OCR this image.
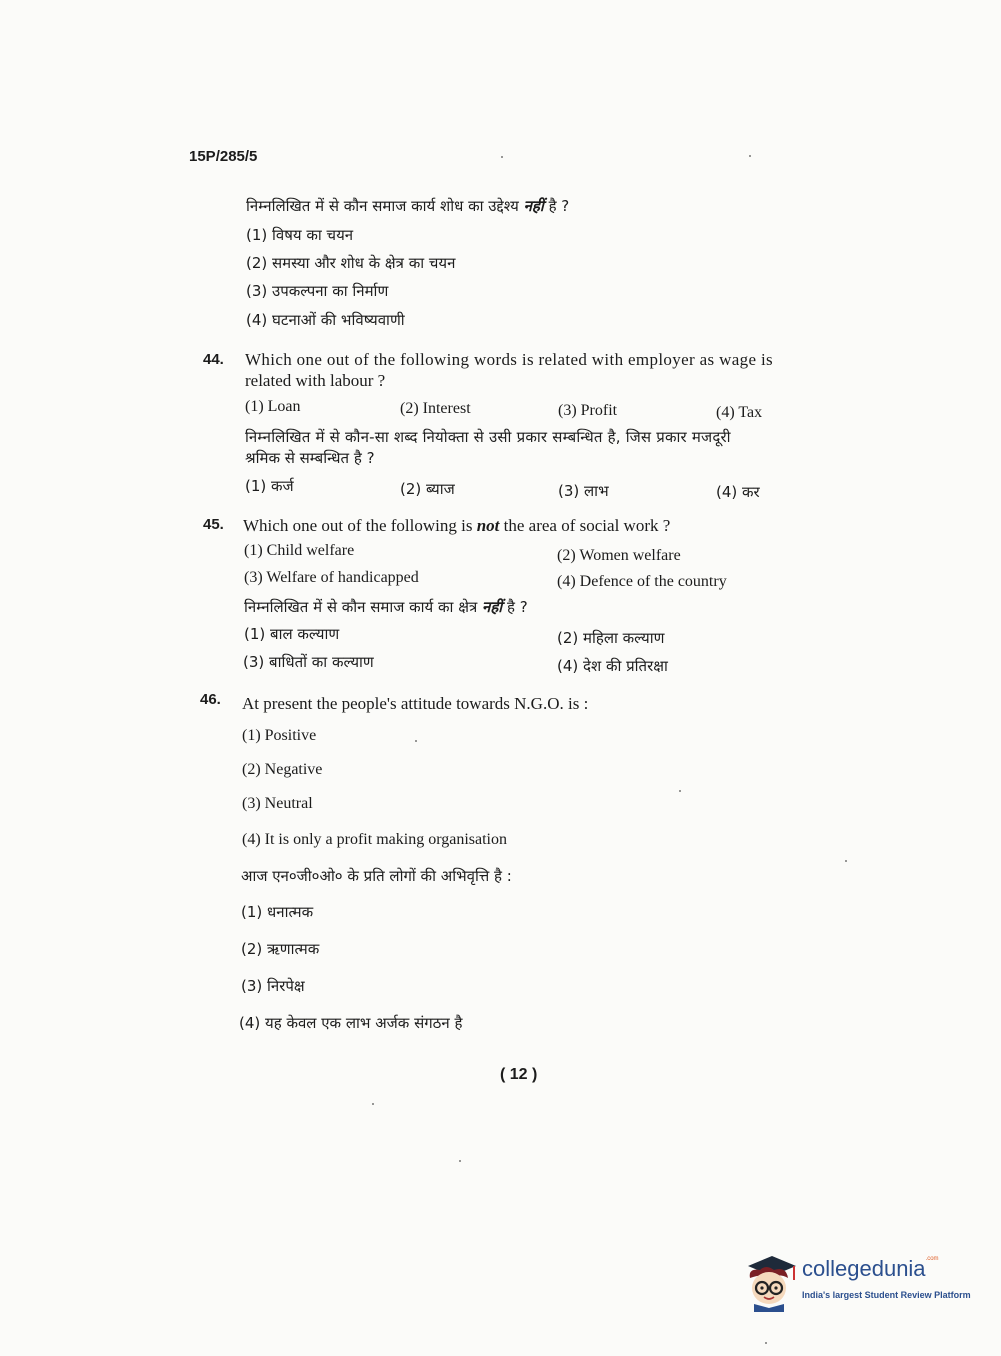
15P/285/5
निम्नलिखित में से कौन समाज कार्य शोध का उद्देश्य नहीं है ?
(1) विषय का चयन
(2) समस्या और शोध के क्षेत्र का चयन
(3) उपकल्पना का निर्माण
(4) घटनाओं की भविष्यवाणी
44. Which one out of the following words is related with employer as wage is
related with labour ?
(1) Loan	(2) Interest	(3) Profit	(4) Tax
निम्नलिखित में से कौन-सा शब्द नियोक्ता से उसी प्रकार सम्बन्धित है, जिस प्रकार मजदूरी
श्रमिक से सम्बन्धित है ?
(1) कर्ज	(2) ब्याज	(3) लाभ	(4) कर
45. Which one out of the following is not the area of social work ?
(1) Child welfare	(2) Women welfare
(3) Welfare of handicapped	(4) Defence of the country
निम्नलिखित में से कौन समाज कार्य का क्षेत्र नहीं है ?
(1) बाल कल्याण	(2) महिला कल्याण
(3) बाधितों का कल्याण	(4) देश की प्रतिरक्षा
46. At present the people's attitude towards N.G.O. is :
(1) Positive
(2) Negative
(3) Neutral
(4) It is only a profit making organisation
आज एन०जी०ओ० के प्रति लोगों की अभिवृत्ति है :
(1) धनात्मक
(2) ऋणात्मक
(3) निरपेक्ष
(4) यह केवल एक लाभ अर्जक संगठन है
( 12 )
collegedunia$^{.com}$
India's largest Student Review Platform
